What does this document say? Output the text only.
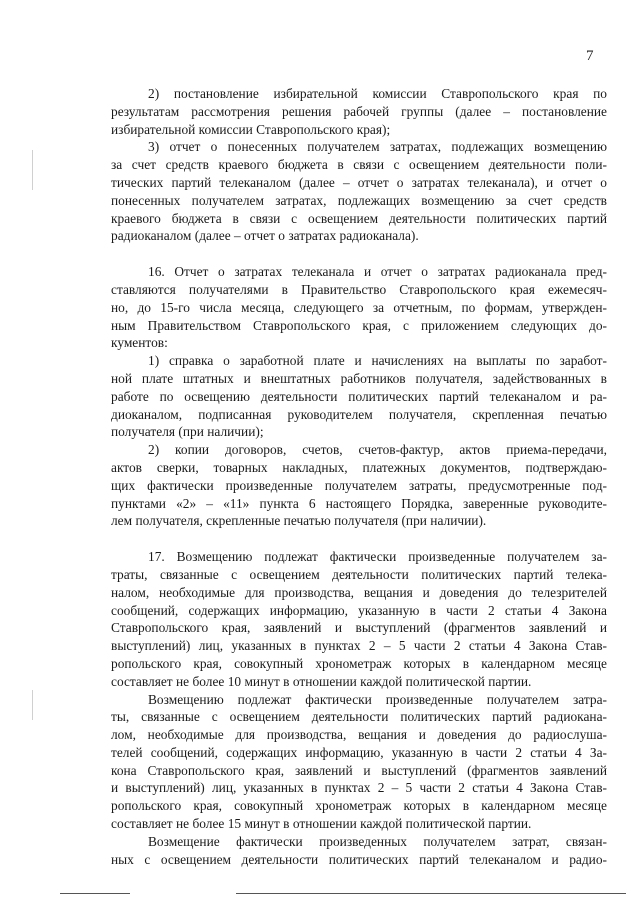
7
2) постановление избирательной комиссии Ставропольского края по
результатам рассмотрения решения рабочей группы (далее – постановление
избирательной комиссии Ставропольского края);
3) отчет о понесенных получателем затратах, подлежащих возмещению
за счет средств краевого бюджета в связи с освещением деятельности поли-
тических партий телеканалом (далее – отчет о затратах телеканала), и отчет о
понесенных получателем затратах, подлежащих возмещению за счет средств
краевого бюджета в связи с освещением деятельности политических партий
радиоканалом (далее – отчет о затратах радиоканала).
16. Отчет о затратах телеканала и отчет о затратах радиоканала пред-
ставляются получателями в Правительство Ставропольского края ежемесяч-
но, до 15-го числа месяца, следующего за отчетным, по формам, утвержден-
ным Правительством Ставропольского края, с приложением следующих до-
кументов:
1) справка о заработной плате и начислениях на выплаты по заработ-
ной плате штатных и внештатных работников получателя, задействованных в
работе по освещению деятельности политических партий телеканалом и ра-
диоканалом, подписанная руководителем получателя, скрепленная печатью
получателя (при наличии);
2) копии договоров, счетов, счетов-фактур, актов приема-передачи,
актов сверки, товарных накладных, платежных документов, подтверждаю-
щих фактически произведенные получателем затраты, предусмотренные под-
пунктами «2» – «11» пункта 6 настоящего Порядка, заверенные руководите-
лем получателя, скрепленные печатью получателя (при наличии).
17. Возмещению подлежат фактически произведенные получателем за-
траты, связанные с освещением деятельности политических партий телека-
налом, необходимые для производства, вещания и доведения до телезрителей
сообщений, содержащих информацию, указанную в части 2 статьи 4 Закона
Ставропольского края, заявлений и выступлений (фрагментов заявлений и
выступлений) лиц, указанных в пунктах 2 – 5 части 2 статьи 4 Закона Став-
ропольского края, совокупный хронометраж которых в календарном месяце
составляет не более 10 минут в отношении каждой политической партии.
Возмещению подлежат фактически произведенные получателем затра-
ты, связанные с освещением деятельности политических партий радиокана-
лом, необходимые для производства, вещания и доведения до радиослуша-
телей сообщений, содержащих информацию, указанную в части 2 статьи 4 За-
кона Ставропольского края, заявлений и выступлений (фрагментов заявлений
и выступлений) лиц, указанных в пунктах 2 – 5 части 2 статьи 4 Закона Став-
ропольского края, совокупный хронометраж которых в календарном месяце
составляет не более 15 минут в отношении каждой политической партии.
Возмещение фактически произведенных получателем затрат, связан-
ных с освещением деятельности политических партий телеканалом и радио-
